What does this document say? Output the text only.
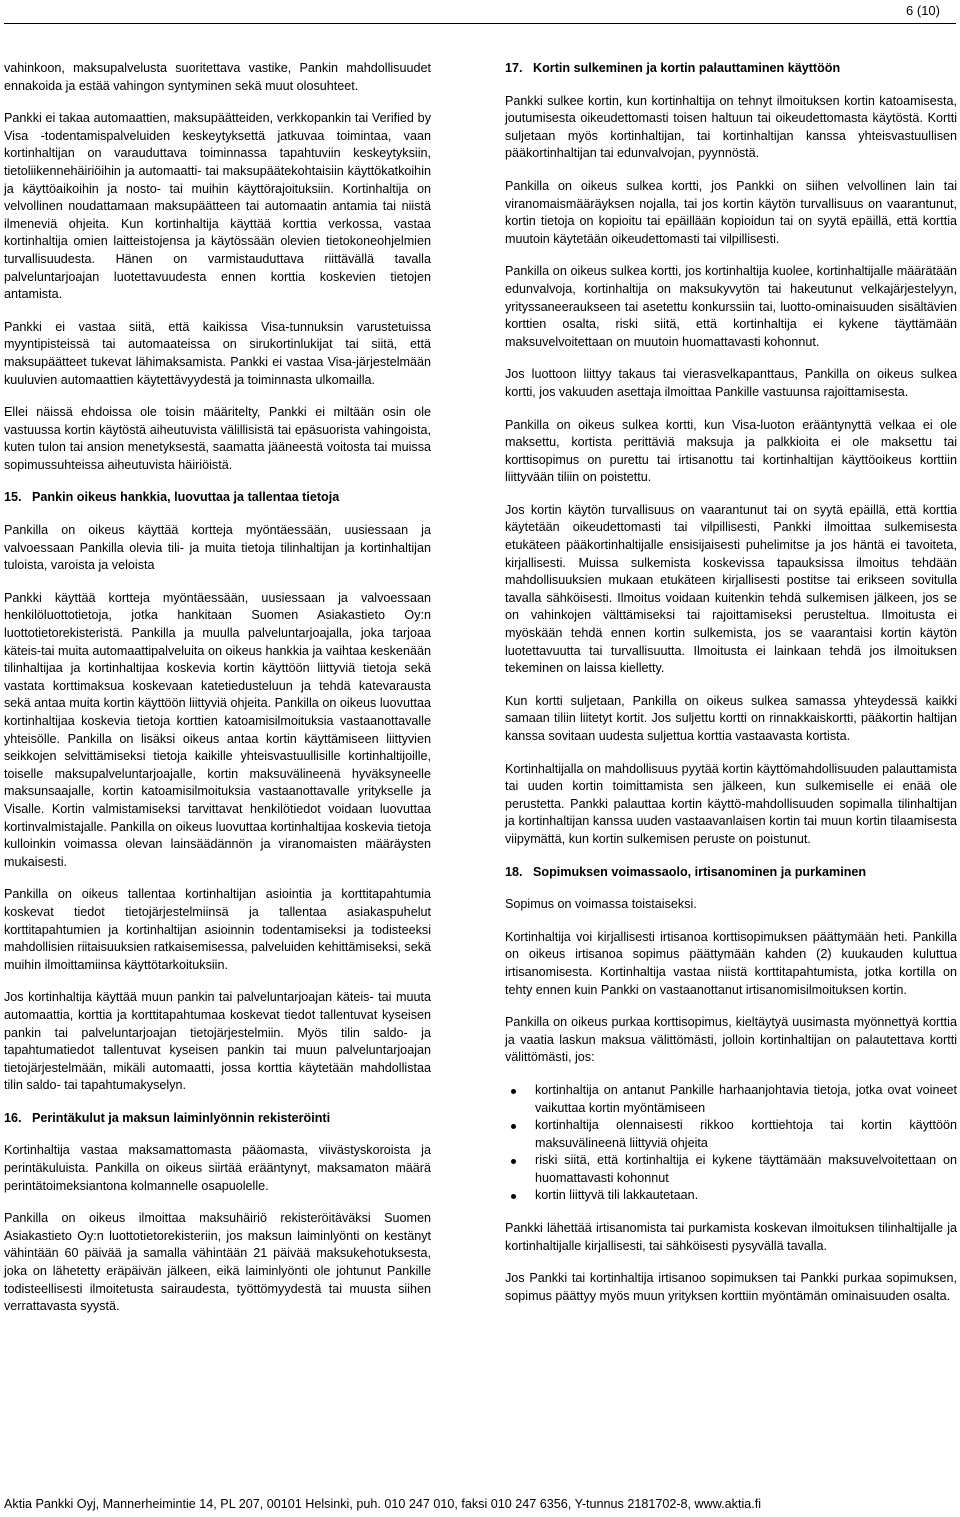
6 (10)

vahinkoon, maksupalvelusta suoritettava vastike, Pankin mahdollisuudet ennakoida ja estää vahingon syntyminen sekä muut olosuhteet.

Pankki ei takaa automaattien, maksupäätteiden, verkkopankin tai Verified by Visa -todentamispalveluiden keskeytyksettä jatkuvaa toimintaa, vaan kortinhaltijan on varauduttava toiminnassa tapahtuviin keskeytyksiin, tietoliikennehäiriöihin ja automaatti- tai maksupäätekohtaisiin käyttökatkoihin ja käyttöaikoihin ja nosto- tai muihin käyttörajoituksiin. Kortinhaltija on velvollinen noudattamaan maksupäätteen tai automaatin antamia tai niistä ilmeneviä ohjeita. Kun kortinhaltija käyttää korttia verkossa, vastaa kortinhaltija omien laitteistojensa ja käytössään olevien tietokoneohjelmien turvallisuudesta. Hänen on varmistauduttava riittävällä tavalla palveluntarjoajan luotettavuudesta ennen korttia koskevien tietojen antamista.

Pankki ei vastaa siitä, että kaikissa Visa-tunnuksin varustetuissa myyntipisteissä tai automaateissa on sirukortinlukijat tai siitä, että maksupäätteet tukevat lähimaksamista. Pankki ei vastaa Visa-järjestelmään kuuluvien automaattien käytettävyydestä ja toiminnasta ulkomailla.

Ellei näissä ehdoissa ole toisin määritelty, Pankki ei miltään osin ole vastuussa kortin käytöstä aiheutuvista välillisistä tai epäsuorista vahingoista, kuten tulon tai ansion menetyksestä, saamatta jääneestä voitosta tai muissa sopimussuhteissa aiheutuvista häiriöistä.

15. Pankin oikeus hankkia, luovuttaa ja tallentaa tietoja

Pankilla on oikeus käyttää kortteja myöntäessään, uusiessaan ja valvoessaan Pankilla olevia tili- ja muita tietoja tilinhaltijan ja kortinhaltijan tuloista, varoista ja veloista

Pankki käyttää kortteja myöntäessään, uusiessaan ja valvoessaan henkilöluottotietoja, jotka hankitaan Suomen Asiakastieto Oy:n luottotietorekisteristä. Pankilla ja muulla palveluntarjoajalla, joka tarjoaa käteis-tai muita automaattipalveluita on oikeus hankkia ja vaihtaa keskenään tilinhaltijaa ja kortinhaltijaa koskevia kortin käyttöön liittyviä tietoja sekä vastata korttimaksua koskevaan katetiedusteluun ja tehdä katevarausta sekä antaa muita kortin käyttöön liittyviä ohjeita. Pankilla on oikeus luovuttaa kortinhaltijaa koskevia tietoja korttien katoamisilmoituksia vastaanottavalle yhteisölle. Pankilla on lisäksi oikeus antaa kortin käyttämiseen liittyvien seikkojen selvittämiseksi tietoja kaikille yhteisvastuullisille kortinhaltijoille, toiselle maksupalveluntarjoajalle, kortin maksuvälineenä hyväksyneelle maksunsaajalle, kortin katoamisilmoituksia vastaanottavalle yritykselle ja Visalle. Kortin valmistamiseksi tarvittavat henkilötiedot voidaan luovuttaa kortinvalmistajalle. Pankilla on oikeus luovuttaa kortinhaltijaa koskevia tietoja kulloinkin voimassa olevan lainsäädännön ja viranomaisten määräysten mukaisesti.

Pankilla on oikeus tallentaa kortinhaltijan asiointia ja korttitapahtumia koskevat tiedot tietojärjestelmiinsä ja tallentaa asiakaspuhelut korttitapahtumien ja kortinhaltijan asioinnin todentamiseksi ja todisteeksi mahdollisien riitaisuuksien ratkaisemisessa, palveluiden kehittämiseksi, sekä muihin ilmoittamiinsa käyttötarkoituksiin.

Jos kortinhaltija käyttää muun pankin tai palveluntarjoajan käteis- tai muuta automaattia, korttia ja korttitapahtumaa koskevat tiedot tallentuvat kyseisen pankin tai palveluntarjoajan tietojärjestelmiin. Myös tilin saldo- ja tapahtumatiedot tallentuvat kyseisen pankin tai muun palveluntarjoajan tietojärjestelmään, mikäli automaatti, jossa korttia käytetään mahdollistaa tilin saldo- tai tapahtumakyselyn.

16. Perintäkulut ja maksun laiminlyönnin rekisteröinti

Kortinhaltija vastaa maksamattomasta pääomasta, viivästyskoroista ja perintäkuluista. Pankilla on oikeus siirtää erääntynyt, maksamaton määrä perintätoimeksiantona kolmannelle osapuolelle.

Pankilla on oikeus ilmoittaa maksuhäiriö rekisteröitäväksi Suomen Asiakastieto Oy:n luottotietorekisteriin, jos maksun laiminlyönti on kestänyt vähintään 60 päivää ja samalla vähintään 21 päivää maksukehotuksesta, joka on lähetetty eräpäivän jälkeen, eikä laiminlyönti ole johtunut Pankille todisteellisesti ilmoitetusta sairaudesta, työttömyydestä tai muusta siihen verrattavasta syystä.

17. Kortin sulkeminen ja kortin palauttaminen käyttöön

Pankki sulkee kortin, kun kortinhaltija on tehnyt ilmoituksen kortin katoamisesta, joutumisesta oikeudettomasti toisen haltuun tai oikeudettomasta käytöstä. Kortti suljetaan myös kortinhaltijan, tai kortinhaltijan kanssa yhteisvastuullisen pääkortinhaltijan tai edunvalvojan, pyynnöstä.

Pankilla on oikeus sulkea kortti, jos Pankki on siihen velvollinen lain tai viranomaismääräyksen nojalla, tai jos kortin käytön turvallisuus on vaarantunut, kortin tietoja on kopioitu tai epäillään kopioidun tai on syytä epäillä, että korttia muutoin käytetään oikeudettomasti tai vilpillisesti.

Pankilla on oikeus sulkea kortti, jos kortinhaltija kuolee, kortinhaltijalle määrätään edunvalvoja, kortinhaltija on maksukyvytön tai hakeutunut velkajärjestelyyn, yrityssaneeraukseen tai asetettu konkurssiin tai, luotto-ominaisuuden sisältävien korttien osalta, riski siitä, että kortinhaltija ei kykene täyttämään maksuvelvoitettaan on muutoin huomattavasti kohonnut.

Jos luottoon liittyy takaus tai vierasvelkapanttaus, Pankilla on oikeus sulkea kortti, jos vakuuden asettaja ilmoittaa Pankille vastuunsa rajoittamisesta.

Pankilla on oikeus sulkea kortti, kun Visa-luoton erääntynyttä velkaa ei ole maksettu, kortista perittäviä maksuja ja palkkioita ei ole maksettu tai korttisopimus on purettu tai irtisanottu tai kortinhaltijan käyttöoikeus korttiin liittyvään tiliin on poistettu.

Jos kortin käytön turvallisuus on vaarantunut tai on syytä epäillä, että korttia käytetään oikeudettomasti tai vilpillisesti, Pankki ilmoittaa sulkemisesta etukäteen pääkortinhaltijalle ensisijaisesti puhelimitse ja jos häntä ei tavoiteta, kirjallisesti. Muissa sulkemista koskevissa tapauksissa ilmoitus tehdään mahdollisuuksien mukaan etukäteen kirjallisesti postitse tai erikseen sovitulla tavalla sähköisesti. Ilmoitus voidaan kuitenkin tehdä sulkemisen jälkeen, jos se on vahinkojen välttämiseksi tai rajoittamiseksi perusteltua. Ilmoitusta ei myöskään tehdä ennen kortin sulkemista, jos se vaarantaisi kortin käytön luotettavuutta tai turvallisuutta. Ilmoitusta ei lainkaan tehdä jos ilmoituksen tekeminen on laissa kielletty.

Kun kortti suljetaan, Pankilla on oikeus sulkea samassa yhteydessä kaikki samaan tiliin liitetyt kortit. Jos suljettu kortti on rinnakkaiskortti, pääkortin haltijan kanssa sovitaan uudesta suljettua korttia vastaavasta kortista.

Kortinhaltijalla on mahdollisuus pyytää kortin käyttömahdollisuuden palauttamista tai uuden kortin toimittamista sen jälkeen, kun sulkemiselle ei enää ole perustetta. Pankki palauttaa kortin käyttö-mahdollisuuden sopimalla tilinhaltijan ja kortinhaltijan kanssa uuden vastaavanlaisen kortin tai muun kortin tilaamisesta viipymättä, kun kortin sulkemisen peruste on poistunut.

18. Sopimuksen voimassaolo, irtisanominen ja purkaminen

Sopimus on voimassa toistaiseksi.

Kortinhaltija voi kirjallisesti irtisanoa korttisopimuksen päättymään heti. Pankilla on oikeus irtisanoa sopimus päättymään kahden (2) kuukauden kuluttua irtisanomisesta. Kortinhaltija vastaa niistä korttitapahtumista, jotka kortilla on tehty ennen kuin Pankki on vastaanottanut irtisanomisilmoituksen kortin.

Pankilla on oikeus purkaa korttisopimus, kieltäytyä uusimasta myönnettyä korttia ja vaatia laskun maksua välittömästi, jolloin kortinhaltijan on palautettava kortti välittömästi, jos:

kortinhaltija on antanut Pankille harhaanjohtavia tietoja, jotka ovat voineet vaikuttaa kortin myöntämiseen
kortinhaltija olennaisesti rikkoo korttiehtoja tai kortin käyttöön maksuvälineenä liittyviä ohjeita
riski siitä, että kortinhaltija ei kykene täyttämään maksuvelvoitettaan on huomattavasti kohonnut
kortin liittyvä tili lakkautetaan.

Pankki lähettää irtisanomista tai purkamista koskevan ilmoituksen tilinhaltijalle ja kortinhaltijalle kirjallisesti, tai sähköisesti pysyvällä tavalla.

Jos Pankki tai kortinhaltija irtisanoo sopimuksen tai Pankki purkaa sopimuksen, sopimus päättyy myös muun yrityksen korttiin myöntämän ominaisuuden osalta.

Aktia Pankki Oyj, Mannerheimintie 14, PL 207, 00101 Helsinki, puh. 010 247 010, faksi 010 247 6356, Y-tunnus 2181702-8, www.aktia.fi
